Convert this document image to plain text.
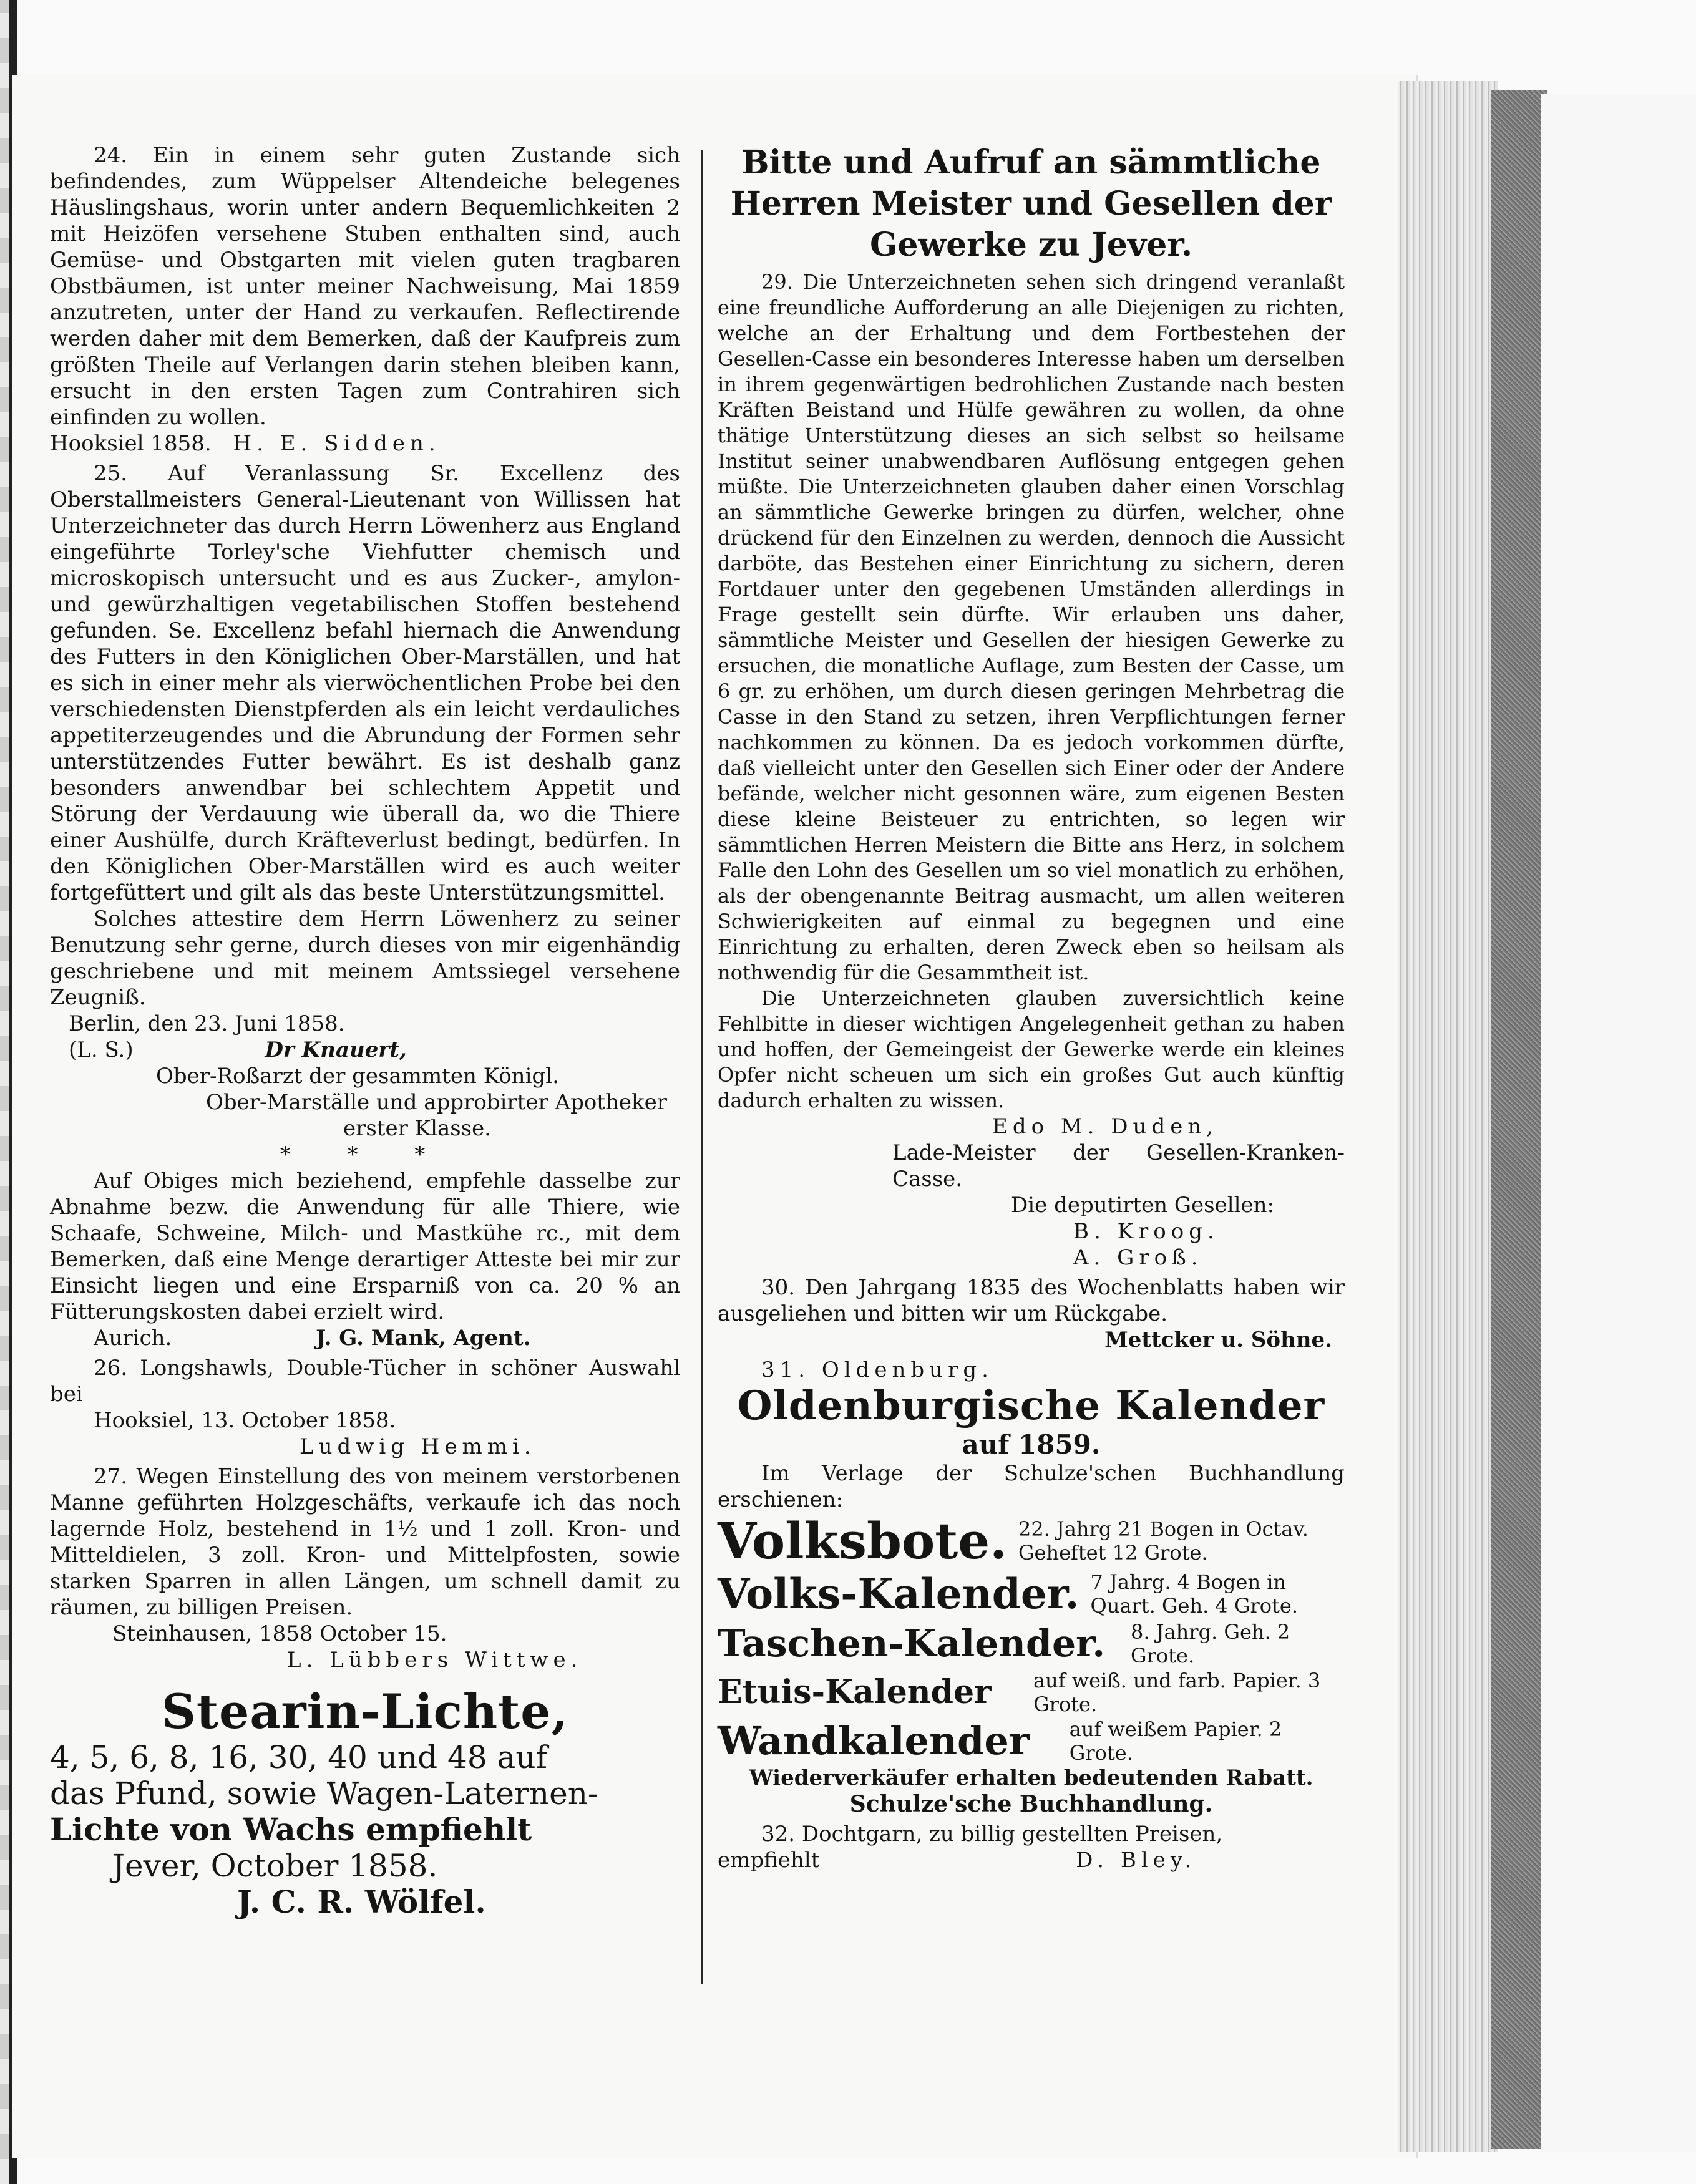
24. Ein in einem sehr guten Zustande sich befindendes, zum Wüppelser Altendeiche belegenes Häuslingshaus, worin unter andern Bequemlichkeiten 2 mit Heizöfen versehene Stuben enthalten sind, auch Gemüse- und Obstgarten mit vielen guten tragbaren Obstbäumen, ist unter meiner Nachweisung, Mai 1859 anzutreten, unter der Hand zu verkaufen. Reflectirende werden daher mit dem Bemerken, daß der Kaufpreis zum größten Theile auf Verlangen darin stehen bleiben kann, ersucht in den ersten Tagen zum Contrahiren sich einfinden zu wollen.

Hooksiel 1858. H. E. Sidden.

25. Auf Veranlassung Sr. Excellenz des Oberstallmeisters General-Lieutenant von Willissen hat Unterzeichneter das durch Herrn Löwenherz aus England eingeführte Torley'sche Viehfutter chemisch und microskopisch untersucht und es aus Zucker-, amylon- und gewürzhaltigen vegetabilischen Stoffen bestehend gefunden. Se. Excellenz befahl hiernach die Anwendung des Futters in den Königlichen Ober-Marställen, und hat es sich in einer mehr als vierwöchentlichen Probe bei den verschiedensten Dienstpferden als ein leicht verdauliches appetiterzeugendes und die Abrundung der Formen sehr unterstützendes Futter bewährt. Es ist deshalb ganz besonders anwendbar bei schlechtem Appetit und Störung der Verdauung wie überall da, wo die Thiere einer Aushülfe, durch Kräfteverlust bedingt, bedürfen. In den Königlichen Ober-Marställen wird es auch weiter fortgefüttert und gilt als das beste Unterstützungsmittel.

Solches attestire dem Herrn Löwenherz zu seiner Benutzung sehr gerne, durch dieses von mir eigenhändig geschriebene und mit meinem Amtssiegel versehene Zeugniß.

Berlin, den 23. Juni 1858.

(L. S.)	Dr Knauert,

Ober-Roßarzt der gesammten Königl.

Ober-Marställe und approbirter Apotheker

erster Klasse.

* * *

Auf Obiges mich beziehend, empfehle dasselbe zur Abnahme bezw. die Anwendung für alle Thiere, wie Schaafe, Schweine, Milch- und Mastkühe rc., mit dem Bemerken, daß eine Menge derartiger Atteste bei mir zur Einsicht liegen und eine Ersparniß von ca. 20 % an Fütterungskosten dabei erzielt wird.

Aurich.	J. G. Mank, Agent.

26. Longshawls, Double-Tücher in schöner Auswahl bei

Hooksiel, 13. October 1858.

Ludwig Hemmi.

27. Wegen Einstellung des von meinem verstorbenen Manne geführten Holzgeschäfts, verkaufe ich das noch lagernde Holz, bestehend in 1½ und 1 zoll. Kron- und Mitteldielen, 3 zoll. Kron- und Mittelpfosten, sowie starken Sparren in allen Längen, um schnell damit zu räumen, zu billigen Preisen.

Steinhausen, 1858 October 15.

L. Lübbers Wittwe.

Stearin-Lichte,

4, 5, 6, 8, 16, 30, 40 und 48 auf

das Pfund, sowie Wagen-Laternen-

Lichte von Wachs empfiehlt

Jever, October 1858.

J. C. R. Wölfel.

Bitte und Aufruf an sämmtliche Herren Meister und Gesellen der Gewerke zu Jever.

29. Die Unterzeichneten sehen sich dringend veranlaßt eine freundliche Aufforderung an alle Diejenigen zu richten, welche an der Erhaltung und dem Fortbestehen der Gesellen-Casse ein besonderes Interesse haben um derselben in ihrem gegenwärtigen bedrohlichen Zustande nach besten Kräften Beistand und Hülfe gewähren zu wollen, da ohne thätige Unterstützung dieses an sich selbst so heilsame Institut seiner unabwendbaren Auflösung entgegen gehen müßte. Die Unterzeichneten glauben daher einen Vorschlag an sämmtliche Gewerke bringen zu dürfen, welcher, ohne drückend für den Einzelnen zu werden, dennoch die Aussicht darböte, das Bestehen einer Einrichtung zu sichern, deren Fortdauer unter den gegebenen Umständen allerdings in Frage gestellt sein dürfte. Wir erlauben uns daher, sämmtliche Meister und Gesellen der hiesigen Gewerke zu ersuchen, die monatliche Auflage, zum Besten der Casse, um 6 gr. zu erhöhen, um durch diesen geringen Mehrbetrag die Casse in den Stand zu setzen, ihren Verpflichtungen ferner nachkommen zu können. Da es jedoch vorkommen dürfte, daß vielleicht unter den Gesellen sich Einer oder der Andere befände, welcher nicht gesonnen wäre, zum eigenen Besten diese kleine Beisteuer zu entrichten, so legen wir sämmtlichen Herren Meistern die Bitte ans Herz, in solchem Falle den Lohn des Gesellen um so viel monatlich zu erhöhen, als der obengenannte Beitrag ausmacht, um allen weiteren Schwierigkeiten auf einmal zu begegnen und eine Einrichtung zu erhalten, deren Zweck eben so heilsam als nothwendig für die Gesammtheit ist.

Die Unterzeichneten glauben zuversichtlich keine Fehlbitte in dieser wichtigen Angelegenheit gethan zu haben und hoffen, der Gemeingeist der Gewerke werde ein kleines Opfer nicht scheuen um sich ein großes Gut auch künftig dadurch erhalten zu wissen.

Edo M. Duden,

Lade-Meister der Gesellen-Kranken-Casse.

Die deputirten Gesellen:

B. Kroog.

A. Groß.

30. Den Jahrgang 1835 des Wochenblatts haben wir ausgeliehen und bitten wir um Rückgabe.

Mettcker u. Söhne.

31. Oldenburg.

Oldenburgische Kalender

auf 1859.

Im Verlage der Schulze'schen Buchhandlung erschienen:

Volksbote. 22. Jahrg 21 Bogen in Octav. Geheftet 12 Grote.
Volks-Kalender. 7 Jahrg. 4 Bogen in Quart. Geh. 4 Grote.
Taschen-Kalender.	8. Jahrg. Geh. 2 Grote.
Etuis-Kalender	auf weiß. und farb. Papier. 3 Grote.
Wandkalender	auf weißem Papier. 2 Grote.

Wiederverkäufer erhalten bedeutenden Rabatt.

Schulze'sche Buchhandlung.

32. Dochtgarn, zu billig gestellten Preisen,

empfiehlt	D. Bley.
